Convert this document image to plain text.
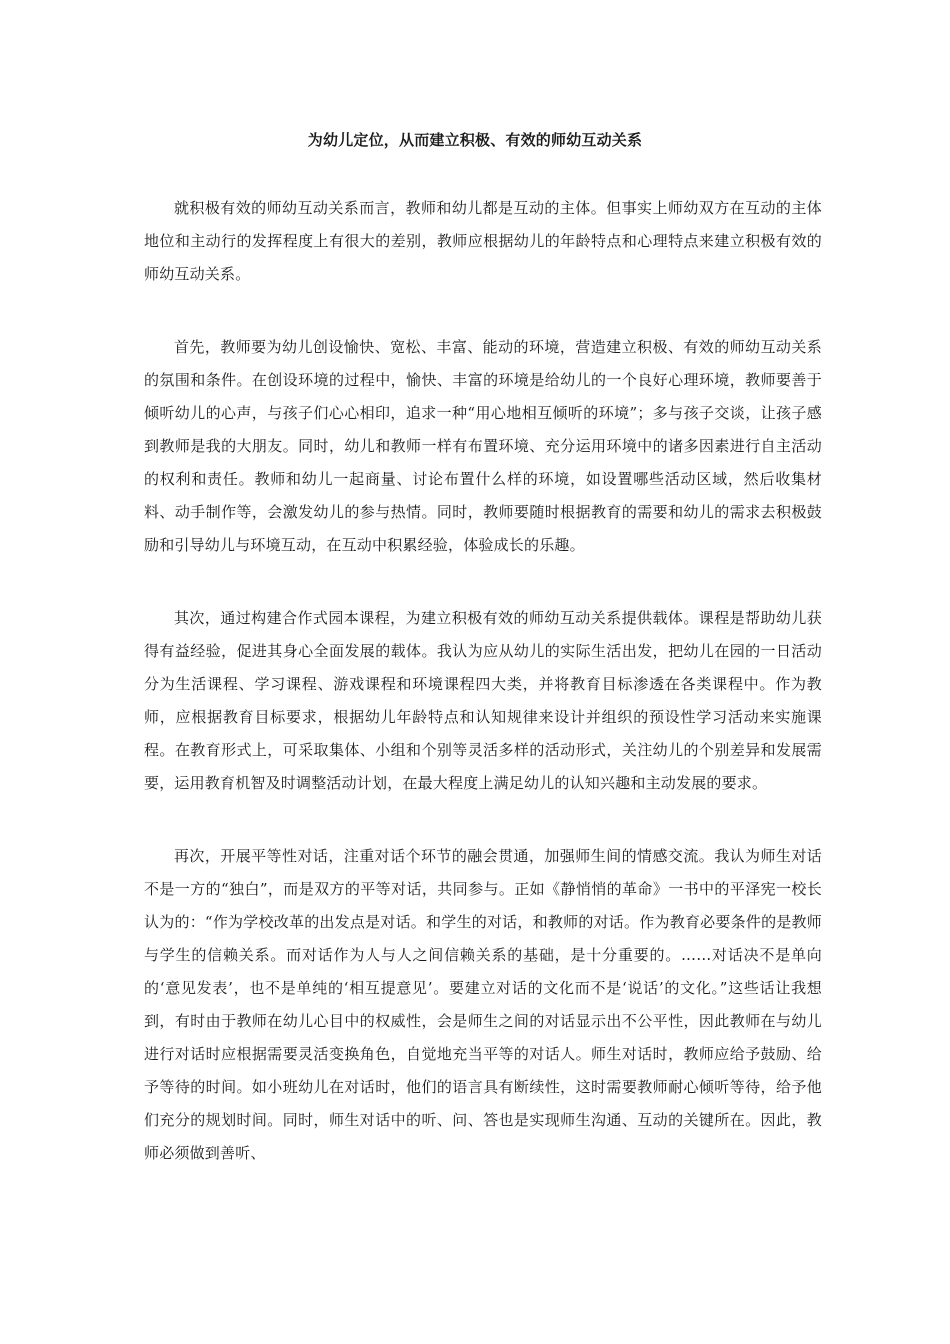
为幼儿定位，从而建立积极、有效的师幼互动关系

就积极有效的师幼互动关系而言，教师和幼儿都是互动的主体。但事实上师幼双方在互动的主体地位和主动行的发挥程度上有很大的差别，教师应根据幼儿的年龄特点和心理特点来建立积极有效的师幼互动关系。

首先，教师要为幼儿创设愉快、宽松、丰富、能动的环境，营造建立积极、有效的师幼互动关系的氛围和条件。在创设环境的过程中，愉快、丰富的环境是给幼儿的一个良好心理环境，教师要善于倾听幼儿的心声，与孩子们心心相印，追求一种“用心地相互倾听的环境”；多与孩子交谈，让孩子感到教师是我的大朋友。同时，幼儿和教师一样有布置环境、充分运用环境中的诸多因素进行自主活动的权利和责任。教师和幼儿一起商量、讨论布置什么样的环境，如设置哪些活动区域，然后收集材料、动手制作等，会激发幼儿的参与热情。同时，教师要随时根据教育的需要和幼儿的需求去积极鼓励和引导幼儿与环境互动，在互动中积累经验，体验成长的乐趣。

其次，通过构建合作式园本课程，为建立积极有效的师幼互动关系提供载体。课程是帮助幼儿获得有益经验，促进其身心全面发展的载体。我认为应从幼儿的实际生活出发，把幼儿在园的一日活动分为生活课程、学习课程、游戏课程和环境课程四大类，并将教育目标渗透在各类课程中。作为教师，应根据教育目标要求，根据幼儿年龄特点和认知规律来设计并组织的预设性学习活动来实施课程。在教育形式上，可采取集体、小组和个别等灵活多样的活动形式，关注幼儿的个别差异和发展需要，运用教育机智及时调整活动计划，在最大程度上满足幼儿的认知兴趣和主动发展的要求。

再次，开展平等性对话，注重对话个环节的融会贯通，加强师生间的情感交流。我认为师生对话不是一方的“独白”，而是双方的平等对话，共同参与。正如《静悄悄的革命》一书中的平泽宪一校长认为的：“作为学校改革的出发点是对话。和学生的对话，和教师的对话。作为教育必要条件的是教师与学生的信赖关系。而对话作为人与人之间信赖关系的基础，是十分重要的。……对话决不是单向的‘意见发表’，也不是单纯的‘相互提意见’。要建立对话的文化而不是‘说话’的文化。”这些话让我想到，有时由于教师在幼儿心目中的权威性，会是师生之间的对话显示出不公平性，因此教师在与幼儿进行对话时应根据需要灵活变换角色，自觉地充当平等的对话人。师生对话时，教师应给予鼓励、给予等待的时间。如小班幼儿在对话时，他们的语言具有断续性，这时需要教师耐心倾听等待，给予他们充分的规划时间。同时，师生对话中的听、问、答也是实现师生沟通、互动的关键所在。因此，教师必须做到善听、
